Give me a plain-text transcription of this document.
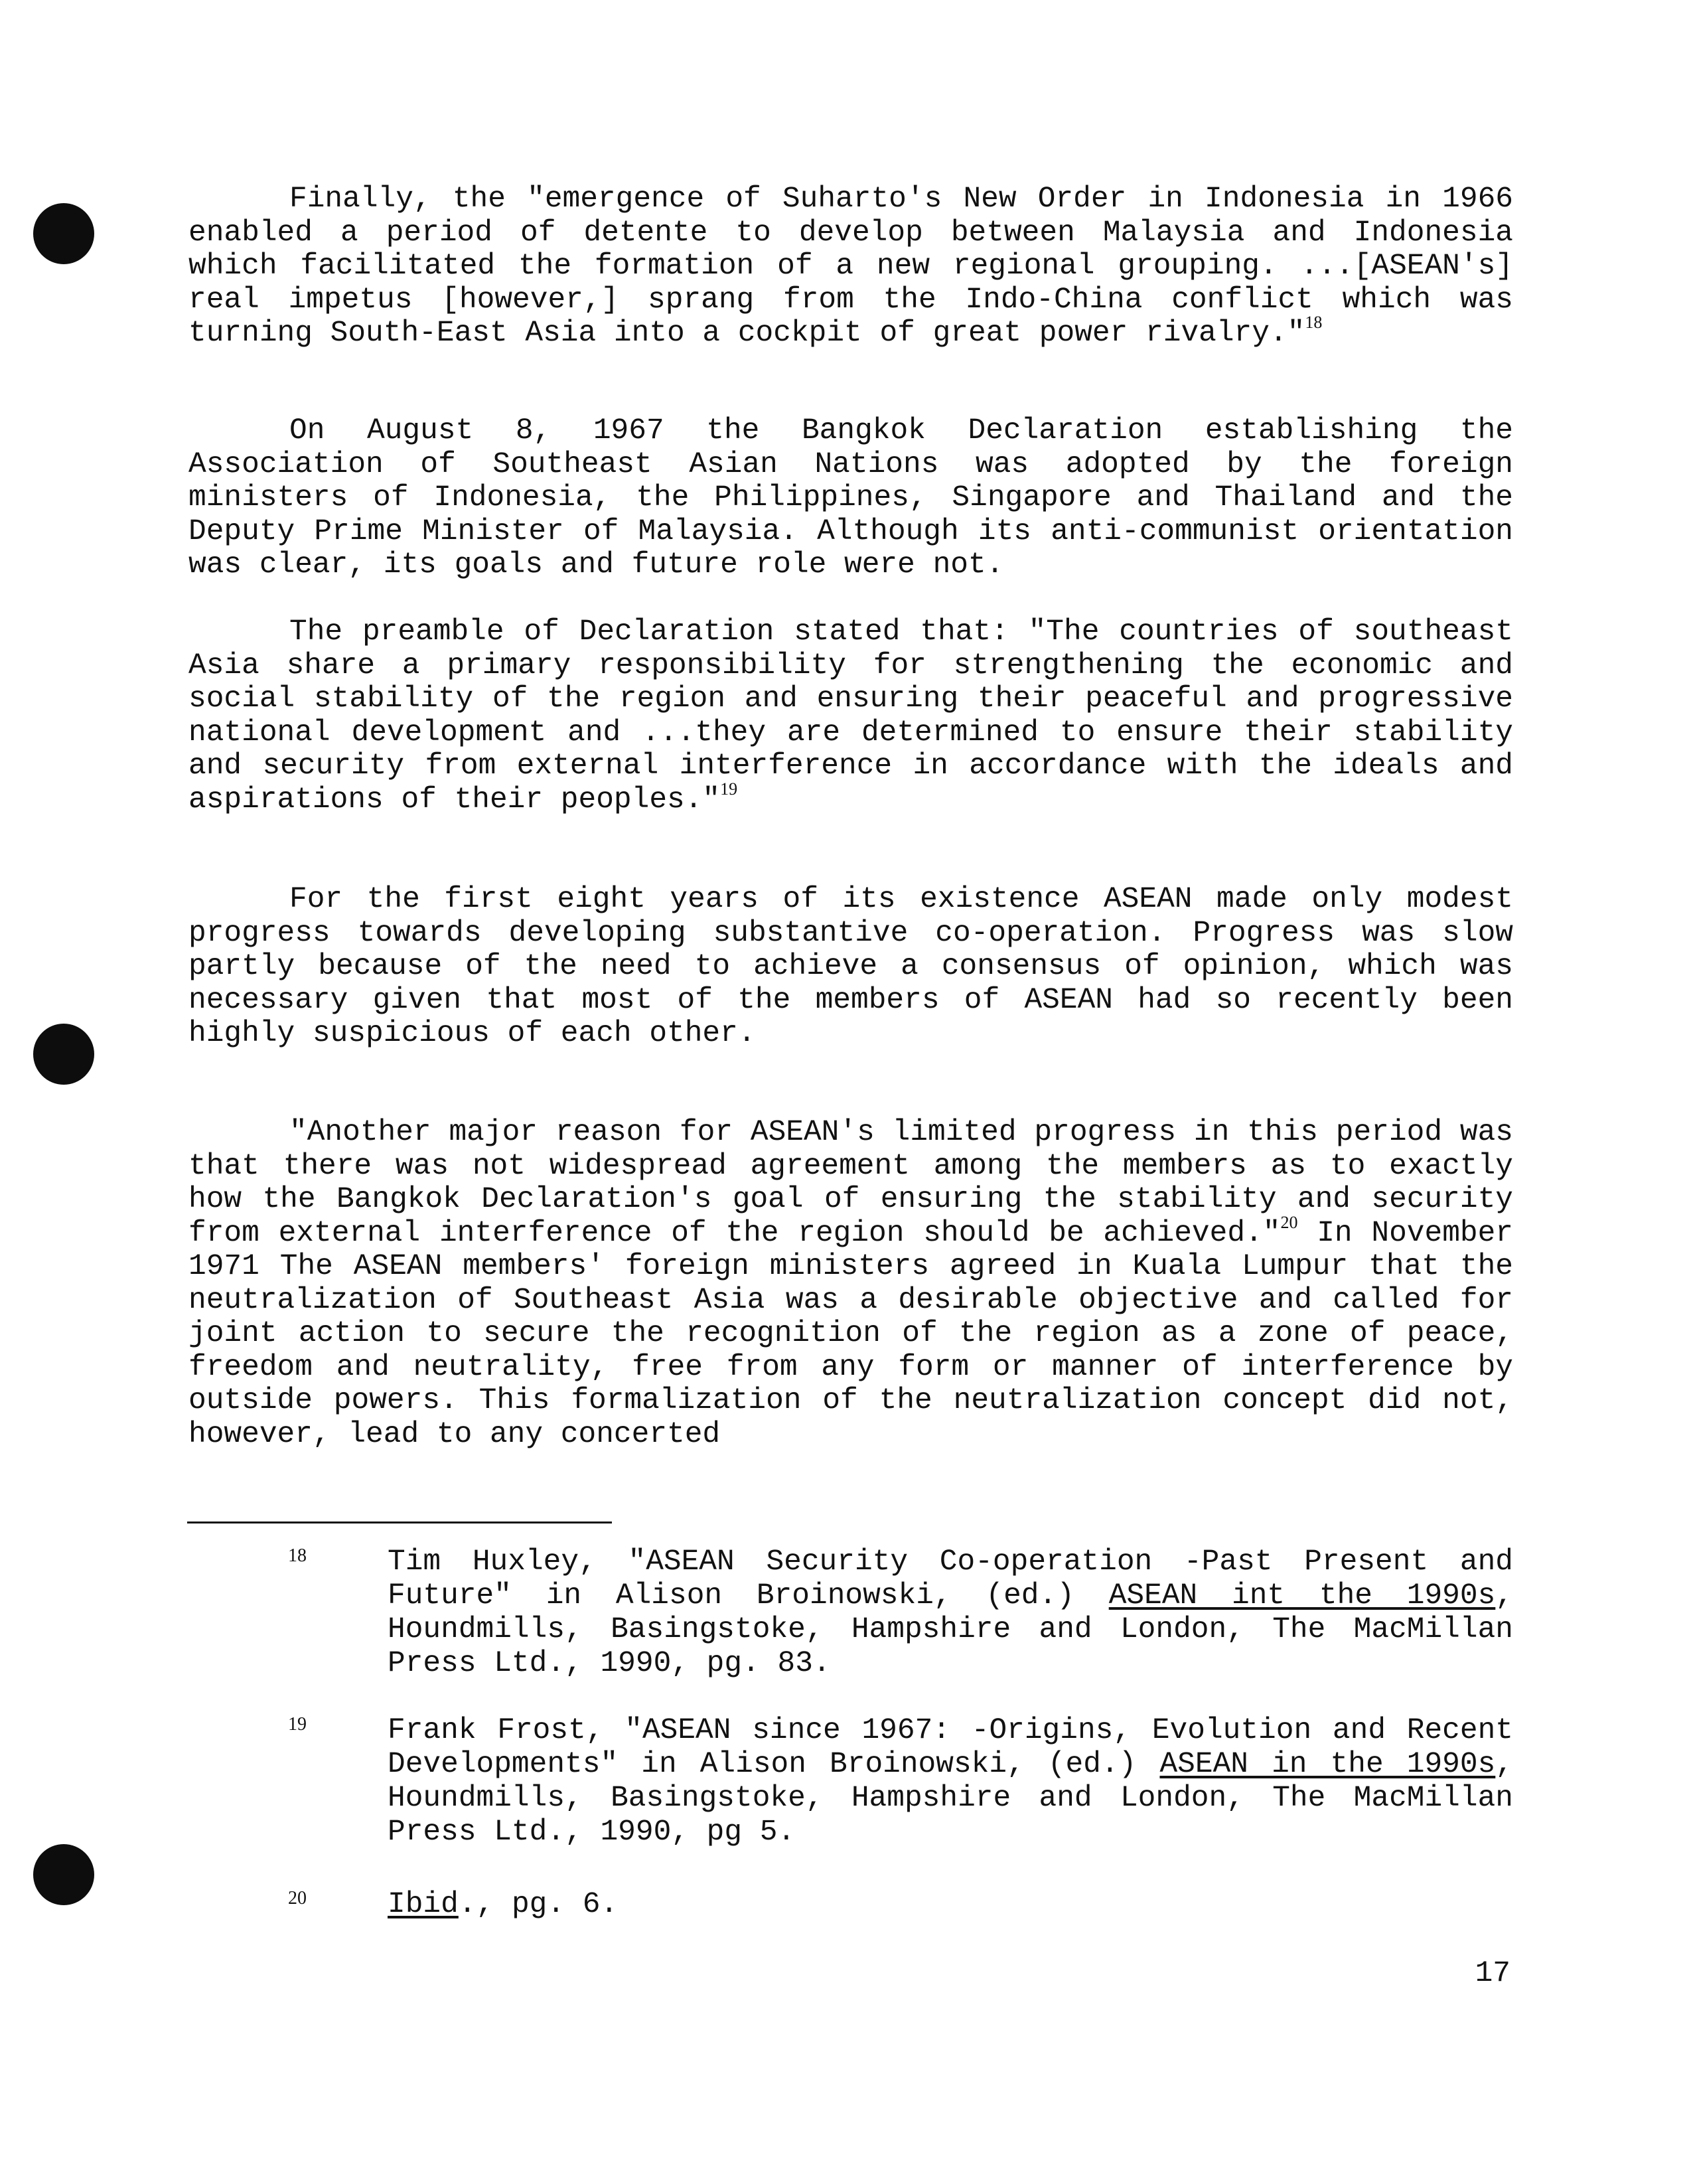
Finally, the "emergence of Suharto's New Order in Indonesia in 1966 enabled a period of detente to develop between Malaysia and Indonesia which facilitated the formation of a new regional grouping. ...[ASEAN's] real impetus [however,] sprang from the Indo-China conflict which was turning South-East Asia into a cockpit of great power rivalry."$^{18}$

On August 8, 1967 the Bangkok Declaration establishing the Association of Southeast Asian Nations was adopted by the foreign ministers of Indonesia, the Philippines, Singapore and Thailand and the Deputy Prime Minister of Malaysia. Although its anti-communist orientation was clear, its goals and future role were not.

The preamble of Declaration stated that: "The countries of southeast Asia share a primary responsibility for strengthening the economic and social stability of the region and ensuring their peaceful and progressive national development and ...they are determined to ensure their stability and security from external interference in accordance with the ideals and aspirations of their peoples."$^{19}$

For the first eight years of its existence ASEAN made only modest progress towards developing substantive co-operation. Progress was slow partly because of the need to achieve a consensus of opinion, which was necessary given that most of the members of ASEAN had so recently been highly suspicious of each other.

"Another major reason for ASEAN's limited progress in this period was that there was not widespread agreement among the members as to exactly how the Bangkok Declaration's goal of ensuring the stability and security from external interference of the region should be achieved."$^{20}$ In November 1971 The ASEAN members' foreign ministers agreed in Kuala Lumpur that the neutralization of Southeast Asia was a desirable objective and called for joint action to secure the recognition of the region as a zone of peace, freedom and neutrality, free from any form or manner of interference by outside powers. This formalization of the neutralization concept did not, however, lead to any concerted

18	Tim Huxley, "ASEAN Security Co-operation -Past Present and Future" in Alison Broinowski, (ed.) ASEAN int the 1990s, Houndmills, Basingstoke, Hampshire and London, The MacMillan Press Ltd., 1990, pg. 83.

19	Frank Frost, "ASEAN since 1967: -Origins, Evolution and Recent Developments" in Alison Broinowski, (ed.) ASEAN in the 1990s, Houndmills, Basingstoke, Hampshire and London, The MacMillan Press Ltd., 1990, pg 5.

20	Ibid., pg. 6.

17
